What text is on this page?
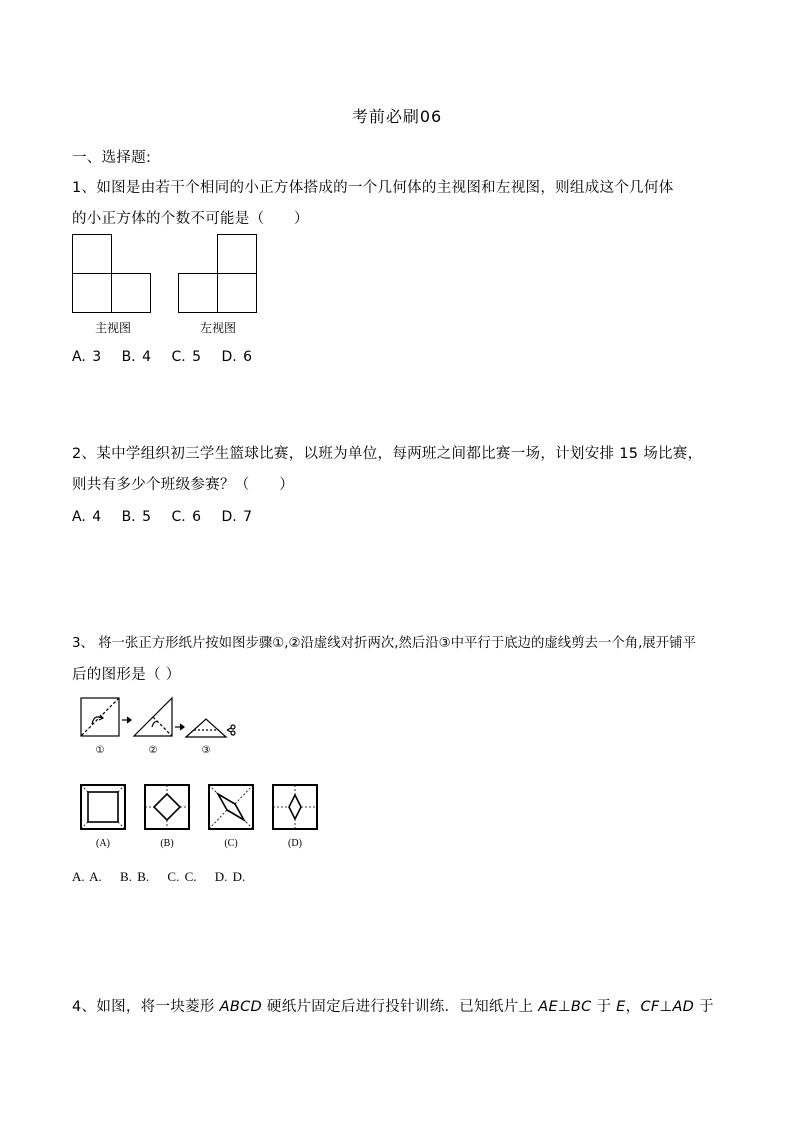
考前必刷06
一、选择题:
1、如图是由若干个相同的小正方体搭成的一个几何体的主视图和左视图，则组成这个几何体
的小正方体的个数不可能是（　　）
主视图	左视图
A. 3　 B. 4　 C. 5　 D. 6
2、某中学组织初三学生篮球比赛，以班为单位，每两班之间都比赛一场，计划安排 15 场比赛，
则共有多少个班级参赛？（　　）
A. 4　 B. 5　 C. 6　 D. 7
3、 将一张正方形纸片按如图步骤①,②沿虚线对折两次,然后沿③中平行于底边的虚线剪去一个角,展开铺平
后的图形是（ ）
①	②	③
(A)	(B)	(C)	(D)
A. A.　 B. B.　 C. C.　 D. D.
4、如图，将一块菱形 ABCD 硬纸片固定后进行投针训练．已知纸片上 AE⊥BC 于 E，CF⊥AD 于
